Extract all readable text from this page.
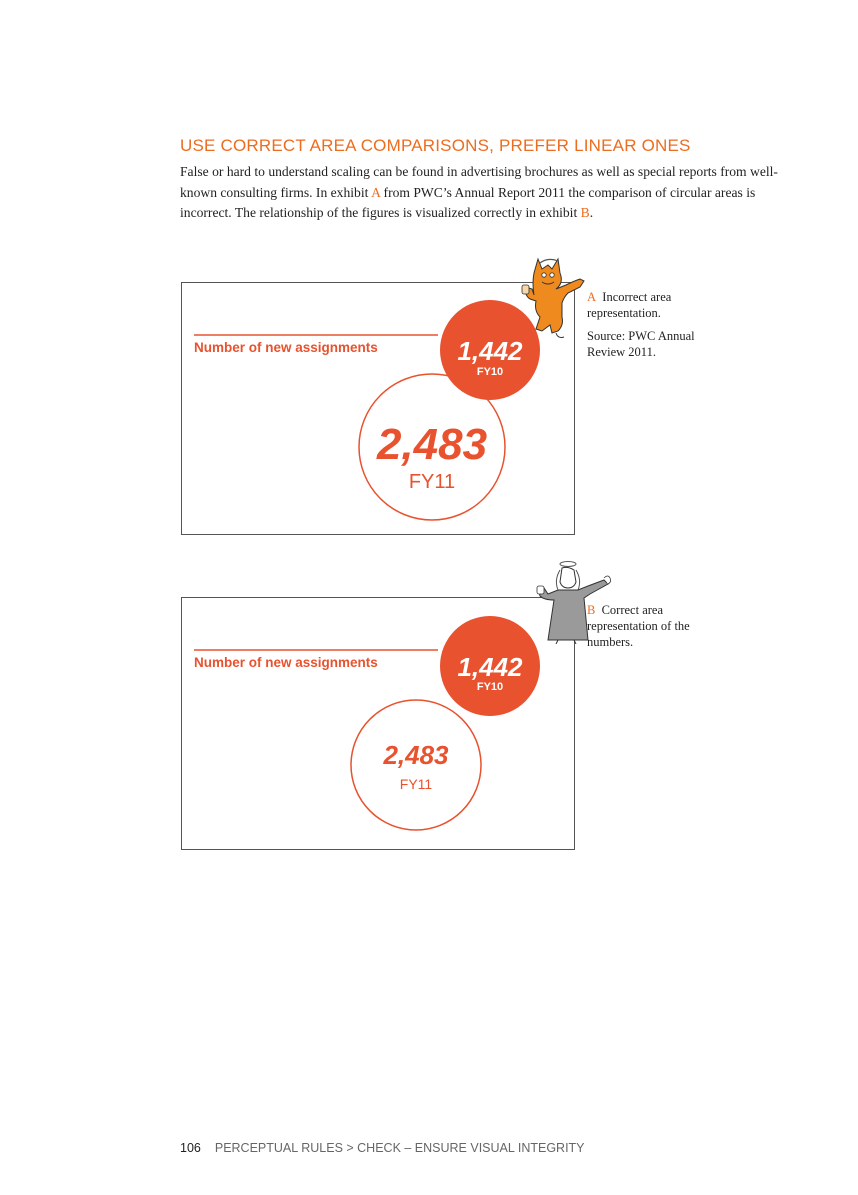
USE CORRECT AREA COMPARISONS, PREFER LINEAR ONES

False or hard to understand scaling can be found in advertising brochures as well as special reports from well-known consulting firms. In exhibit A from PWC’s Annual Report 2011 the comparison of circular areas is incorrect. The relationship of the figures is visualized correctly in exhibit B.

Number of new assignments	1,442
FY10
2,483
FY11

A Incorrect area representation.

Source: PWC Annual Review 2011.

Number of new assignments	1,442
FY10
2,483
FY11

B Correct area representation of the numbers.

106 PERCEPTUAL RULES > CHECK – ENSURE VISUAL INTEGRITY
